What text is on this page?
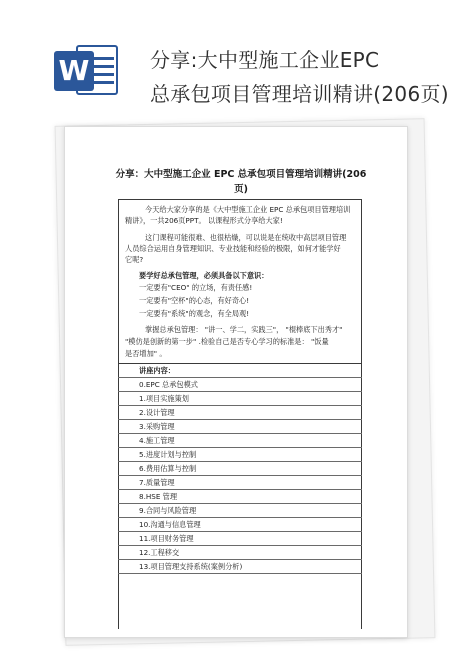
W	分享:大中型施工企业EPC
总承包项目管理培训精讲(206页)
分享：大中型施工企业 EPC 总承包项目管理培训精讲(206
页)
今天给大家分享的是《大中型施工企业 EPC 总承包项目管理培训
精讲》，一共206页PPT。 以课程形式分享给大家!
这门课程可能很难、也很枯燥，可以说是在统收中高层项目管理
人员综合运用自身管理知识、专业技能和经验的极限，如何才能学好
它呢?
要学好总承包管理，必须具备以下意识：
一定要有"CEO" 的立场，有责任感!
一定要有"空杯"的心态，有好奇心!
一定要有"系统"的观念，有全局观!
掌握总承包管理： "讲一、学二，实践三"， "棍棒底下出秀才"
"模仿是创新的第一步" .检验自己是否专心学习的标准是： "饭量
是否增加" 。
讲座内容：
0.EPC 总承包模式
1.项目实施策划
2.设计管理
3.采购管理
4.施工管理
5.进度计划与控制
6.费用估算与控制
7.质量管理
8.HSE 管理
9.合同与风险管理
10.沟通与信息管理
11.项目财务管理
12.工程移交
13.项目管理支持系统(案例分析)
